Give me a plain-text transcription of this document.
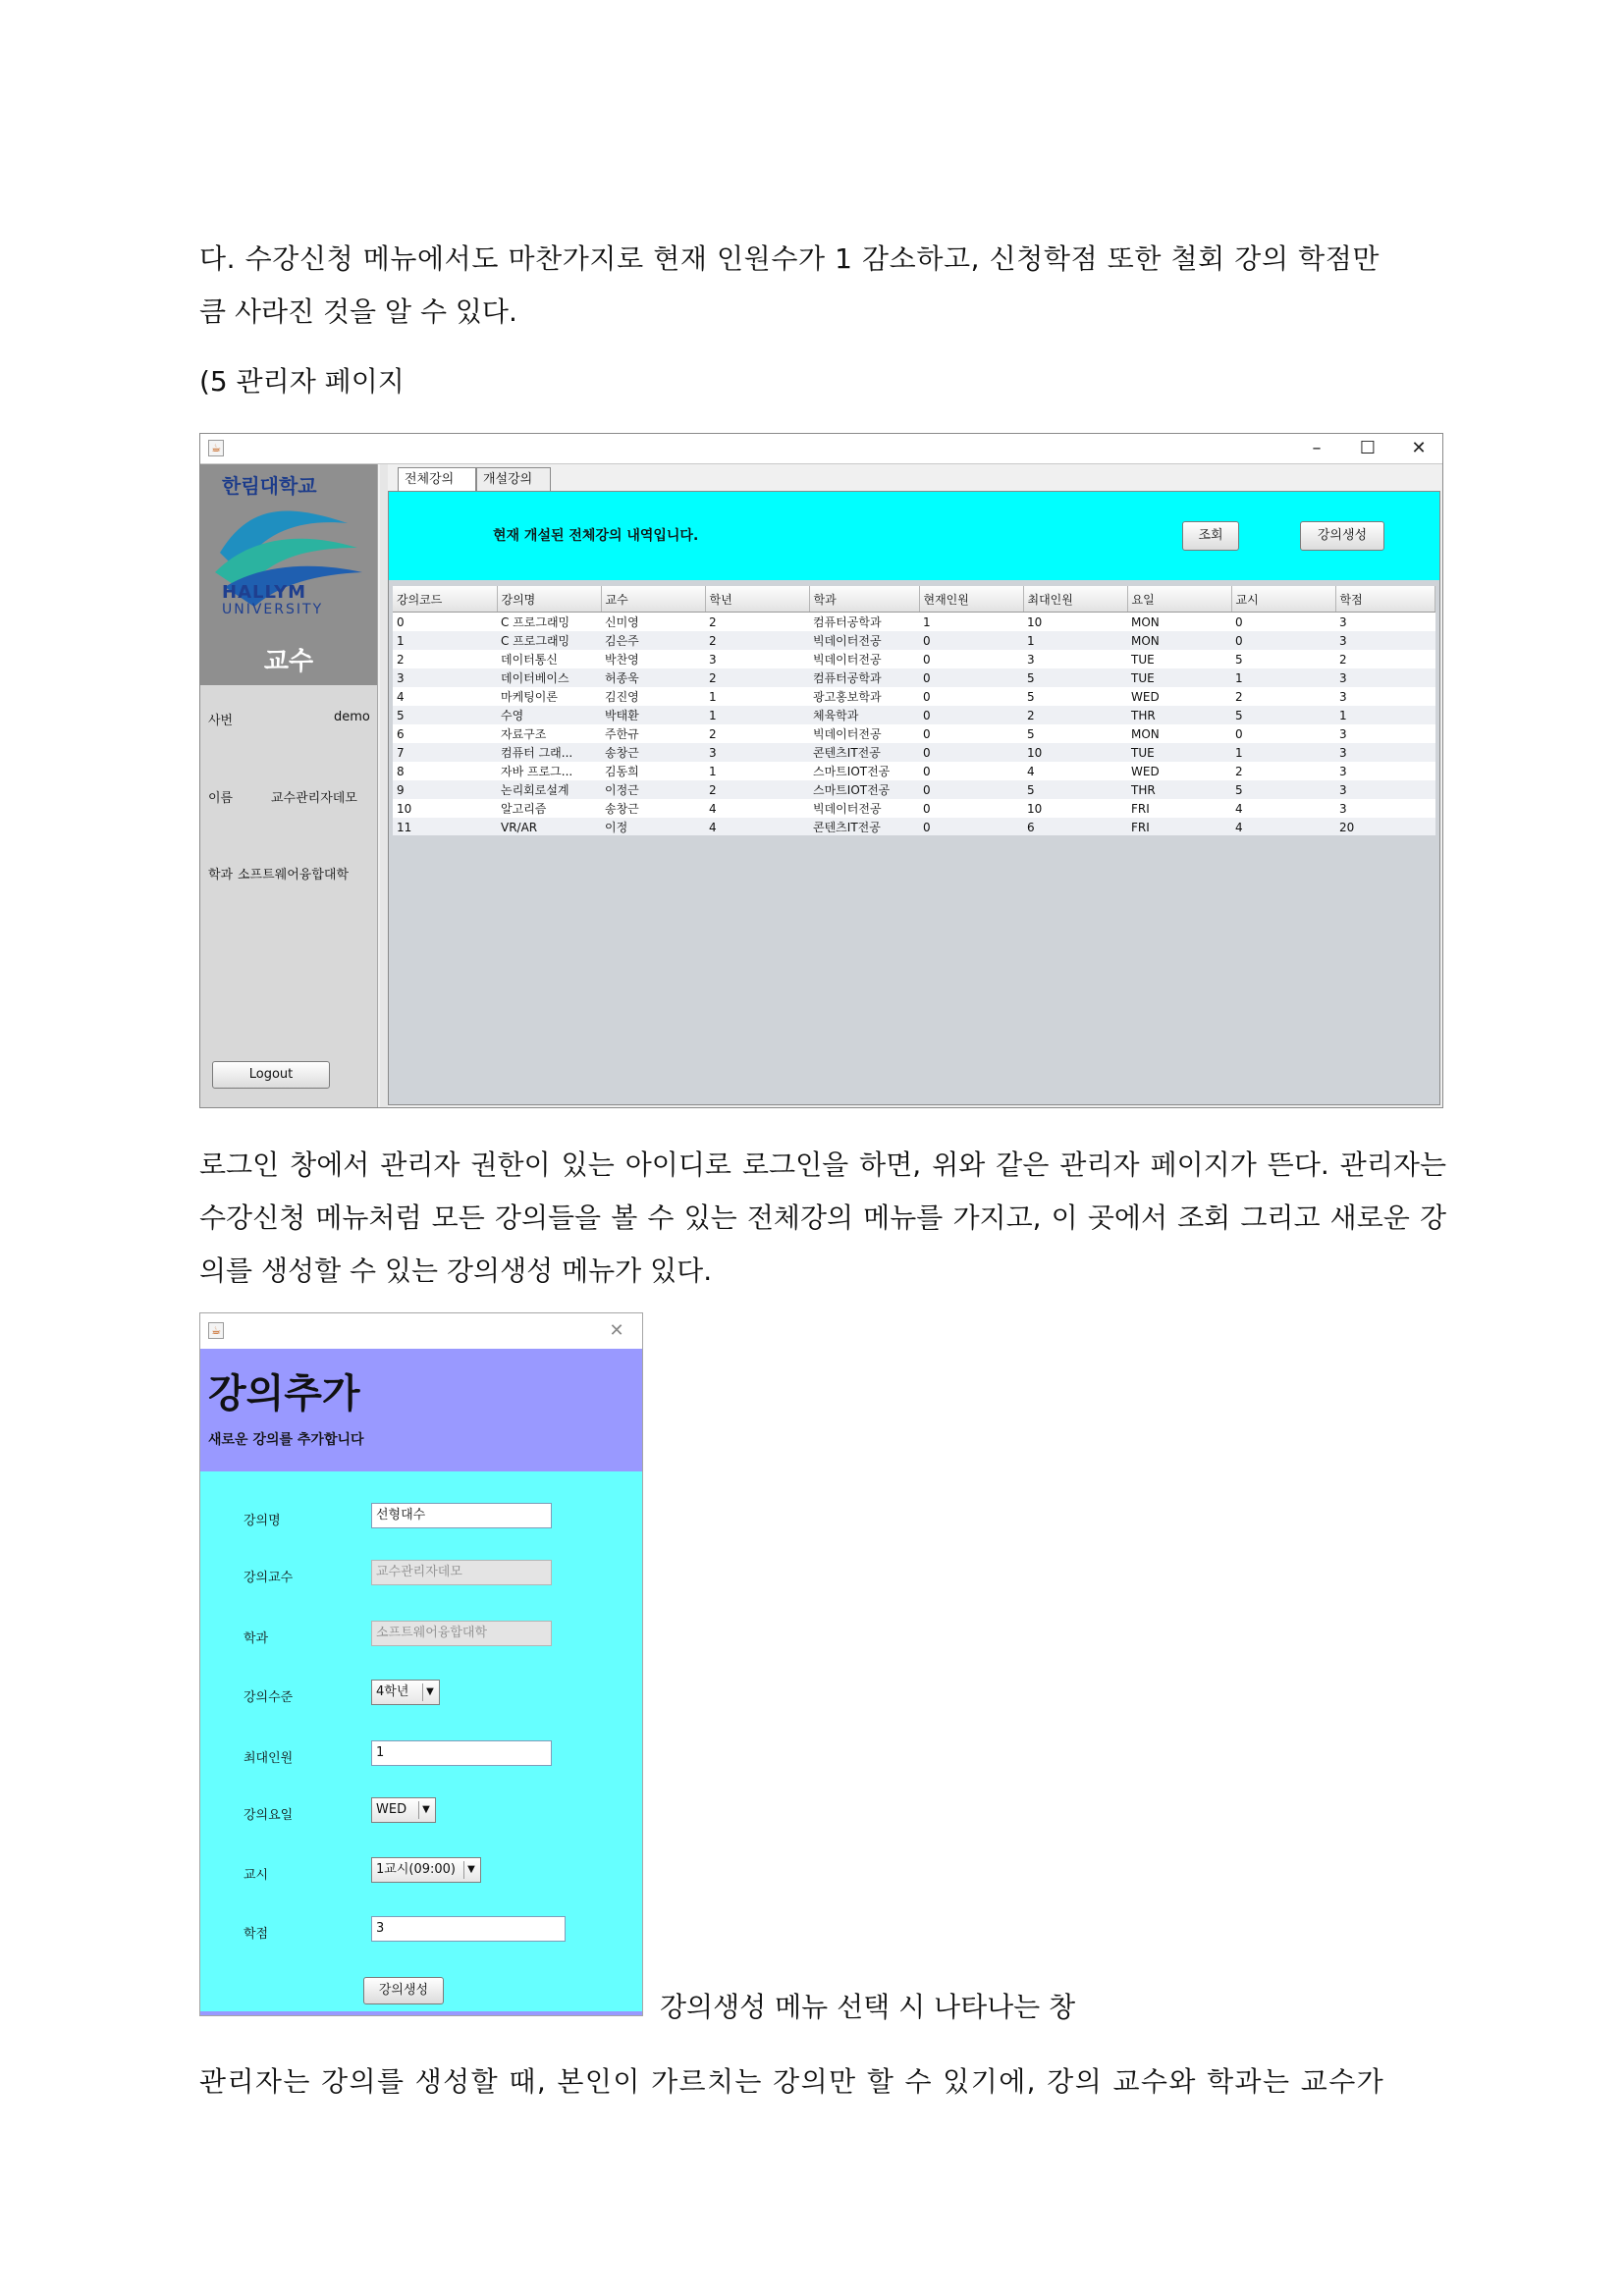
다. 수강신청 메뉴에서도 마찬가지로 현재 인원수가 1 감소하고, 신청학점 또한 철회 강의 학점만
큼 사라진 것을 알 수 있다.
(5 관리자 페이지
☕	–	☐	✕
한림대학교
HALLYM
UNIVERSITY
교수
사번	demo
이름	교수관리자데모
학과 소프트웨어융합대학
Logout
전체강의	개설강의
현재 개설된 전체강의 내역입니다.	조회	강의생성
강의코드	강의명	교수	학년	학과	현재인원	최대인원	요일	교시	학점
0	C 프로그래밍	신미영	2	컴퓨터공학과	1	10	MON	0	3
1	C 프로그래밍	김은주	2	빅데이터전공	0	1	MON	0	3
2	데이터통신	박찬영	3	빅데이터전공	0	3	TUE	5	2
3	데이터베이스	허종욱	2	컴퓨터공학과	0	5	TUE	1	3
4	마케팅이론	김진영	1	광고홍보학과	0	5	WED	2	3
5	수영	박태환	1	체육학과	0	2	THR	5	1
6	자료구조	주한규	2	빅데이터전공	0	5	MON	0	3
7	컴퓨터 그래...	송창근	3	콘텐츠IT전공	0	10	TUE	1	3
8	자바 프로그...	김동희	1	스마트IOT전공	0	4	WED	2	3
9	논리회로설계	이정근	2	스마트IOT전공	0	5	THR	5	3
10	알고리즘	송창근	4	빅데이터전공	0	10	FRI	4	3
11	VR/AR	이정	4	콘텐츠IT전공	0	6	FRI	4	20
로그인 창에서 관리자 권한이 있는 아이디로 로그인을 하면, 위와 같은 관리자 페이지가 뜬다. 관리자는 수강신청 메뉴처럼 모든 강의들을 볼 수 있는 전체강의 메뉴를 가지고, 이 곳에서 조회 그리고 새로운 강의를 생성할 수 있는 강의생성 메뉴가 있다.
☕	✕
강의추가
새로운 강의를 추가합니다
강의명	선형대수
강의교수	교수관리자데모
학과	소프트웨어융합대학
강의수준	4학년	▼
최대인원	1
강의요일	WED	▼
교시	1교시(09:00)	▼
학점	3
강의생성
강의생성 메뉴 선택 시 나타나는 창
관리자는 강의를 생성할 때, 본인이 가르치는 강의만 할 수 있기에, 강의 교수와 학과는 교수가
